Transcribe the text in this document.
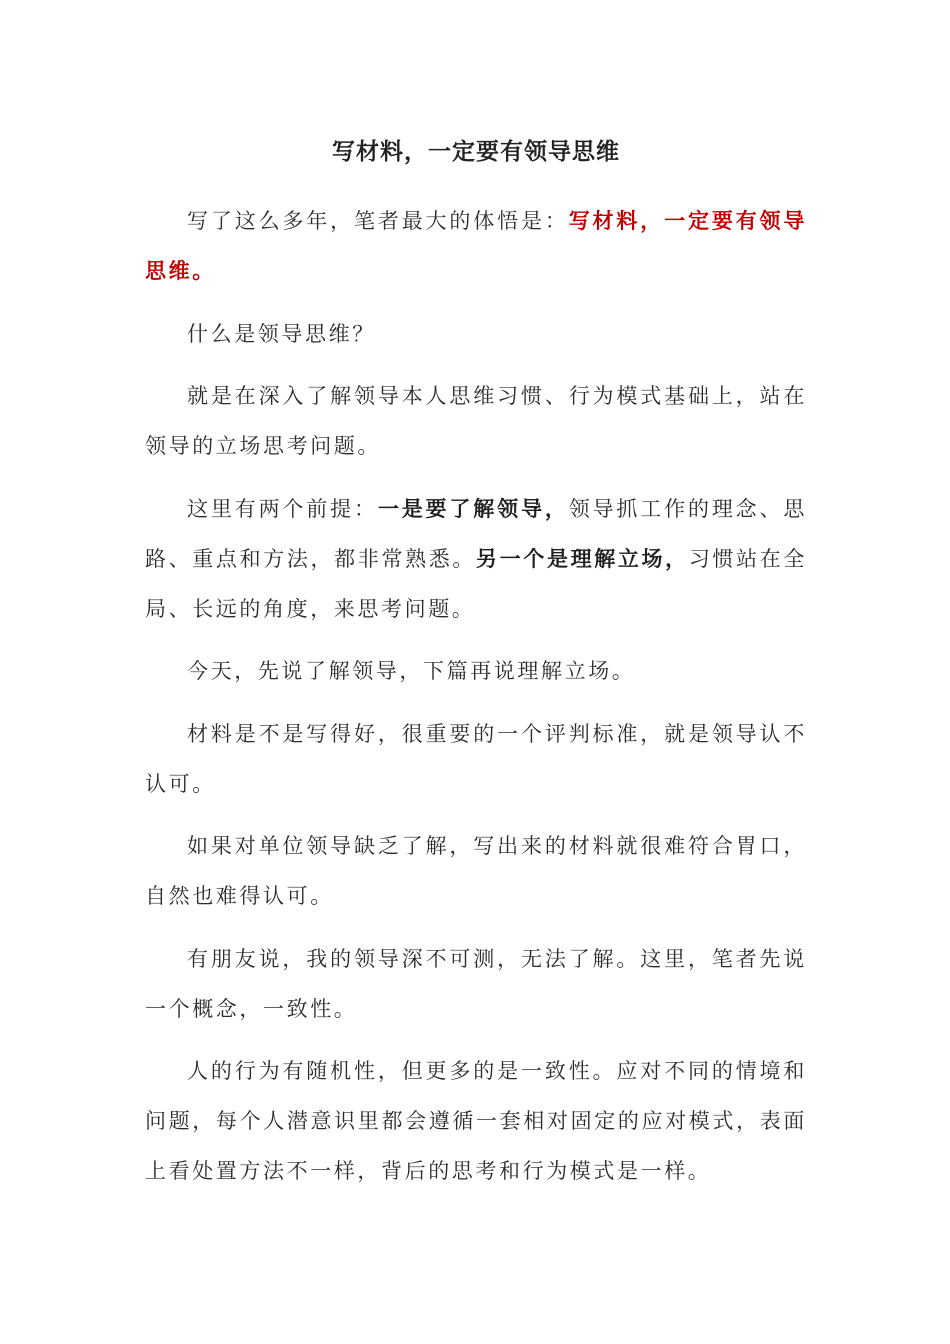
写材料，一定要有领导思维

写了这么多年，笔者最大的体悟是：写材料，一定要有领导思维。

什么是领导思维？

就是在深入了解领导本人思维习惯、行为模式基础上，站在领导的立场思考问题。

这里有两个前提：一是要了解领导，领导抓工作的理念、思路、重点和方法，都非常熟悉。另一个是理解立场，习惯站在全局、长远的角度，来思考问题。

今天，先说了解领导，下篇再说理解立场。

材料是不是写得好，很重要的一个评判标准，就是领导认不认可。

如果对单位领导缺乏了解，写出来的材料就很难符合胃口，自然也难得认可。

有朋友说，我的领导深不可测，无法了解。这里，笔者先说一个概念，一致性。

人的行为有随机性，但更多的是一致性。应对不同的情境和问题，每个人潜意识里都会遵循一套相对固定的应对模式，表面上看处置方法不一样，背后的思考和行为模式是一样。
